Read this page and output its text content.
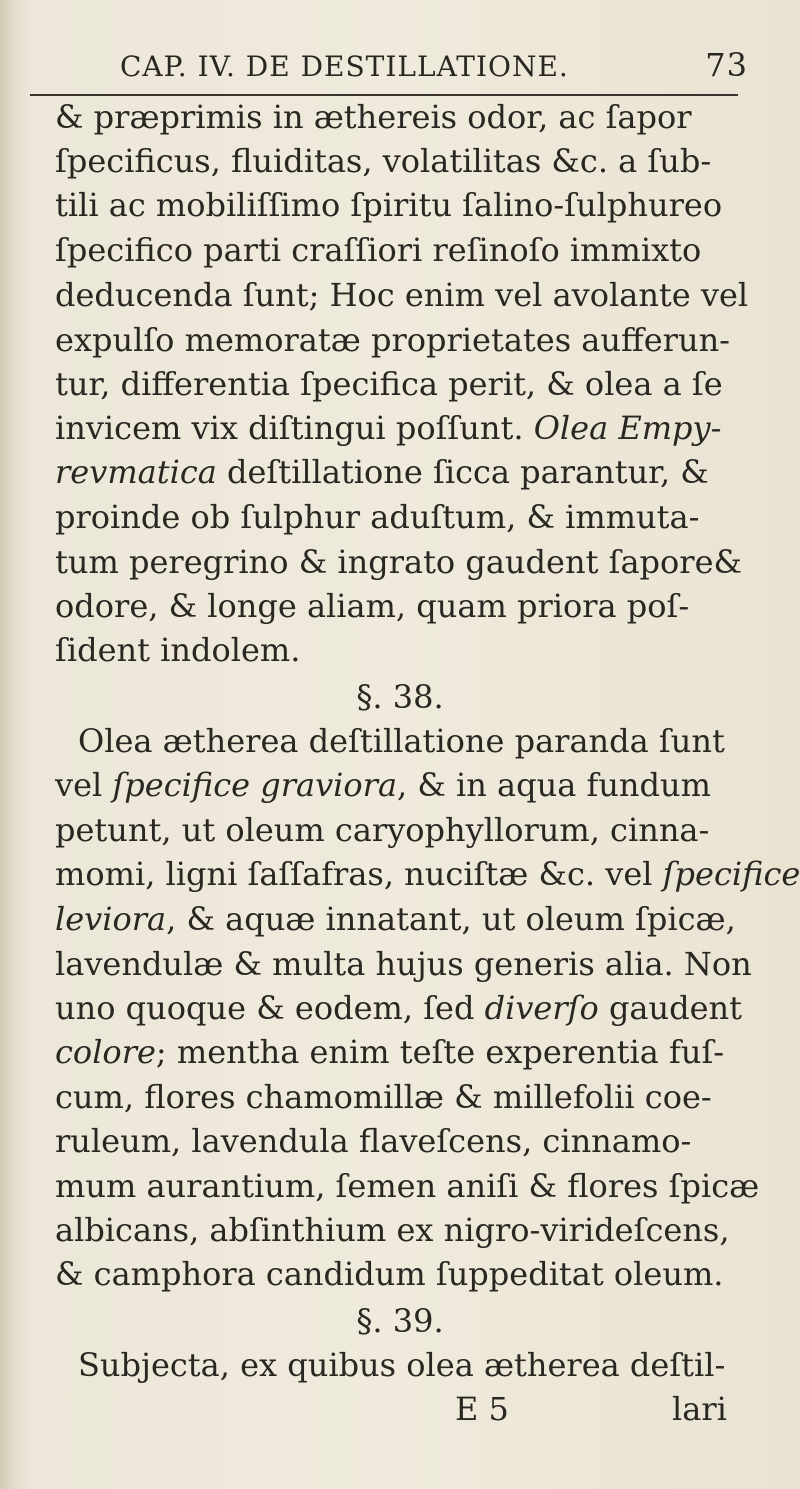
CAP. IV. DE DESTILLATIONE.	73
& præprimis in æthereis odor, ac ſapor
ſpecificus, fluiditas, volatilitas &c. a ſub-
tili ac mobiliſſimo ſpiritu ſalino-ſulphureo
ſpecifico parti craſſiori reſinoſo immixto
deducenda ſunt; Hoc enim vel avolante vel
expulſo memoratæ proprietates aufferun-
tur, differentia ſpecifica perit, & olea a ſe
invicem vix diſtingui poſſunt. Olea Empy-
revmatica deſtillatione ſicca parantur, &
proinde ob ſulphur aduſtum, & immuta-
tum peregrino & ingrato gaudent ſapore&
odore, & longe aliam, quam priora poſ-
ſident indolem.
§. 38.
Olea ætherea deſtillatione paranda ſunt
vel ſpecifice graviora, & in aqua fundum
petunt, ut oleum caryophyllorum, cinna-
momi, ligni ſaſſafras, nuciſtæ &c. vel ſpecifice
leviora, & aquæ innatant, ut oleum ſpicæ,
lavendulæ & multa hujus generis alia. Non
uno quoque & eodem, ſed diverſo gaudent
colore; mentha enim teſte experentia fuſ-
cum, flores chamomillæ & millefolii coe-
ruleum, lavendula flaveſcens, cinnamo-
mum aurantium, ſemen aniſi & flores ſpicæ
albicans, abſinthium ex nigro-virideſcens,
& camphora candidum ſuppeditat oleum.
§. 39.
Subjecta, ex quibus olea ætherea deſtil-
E 5	lari
